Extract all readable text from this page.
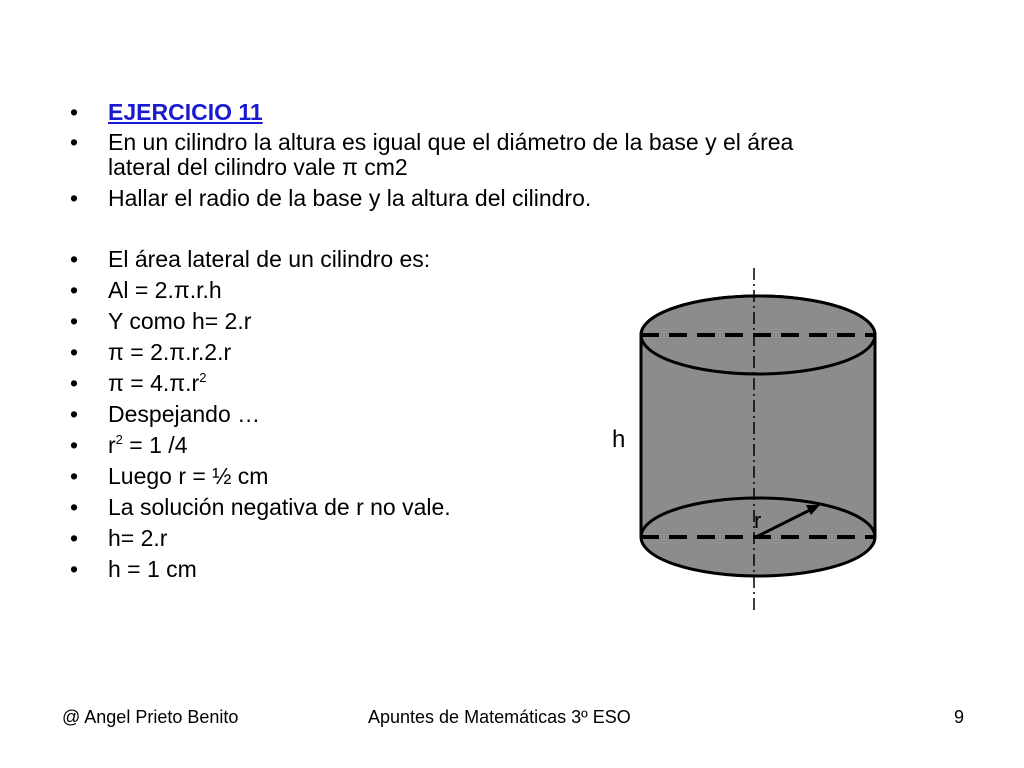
• EJERCICIO 11
• En un cilindro la altura es igual que el diámetro de la base y el área
lateral del cilindro vale π cm2
• Hallar el radio de la base y la altura del cilindro.
• El área lateral de un cilindro es:
• Al = 2.π.r.h
• Y como h= 2.r
• π = 2.π.r.2.r
• $\pi = 4.\pi.r^2$
• Despejando …
• $r^2 = 1$ /4
• Luego r = ½ cm
• La solución negativa de r no vale.
• h= 2.r
• h = 1 cm
h
r
@ Angel Prieto Benito	Apuntes de Matemáticas 3º ESO	9
